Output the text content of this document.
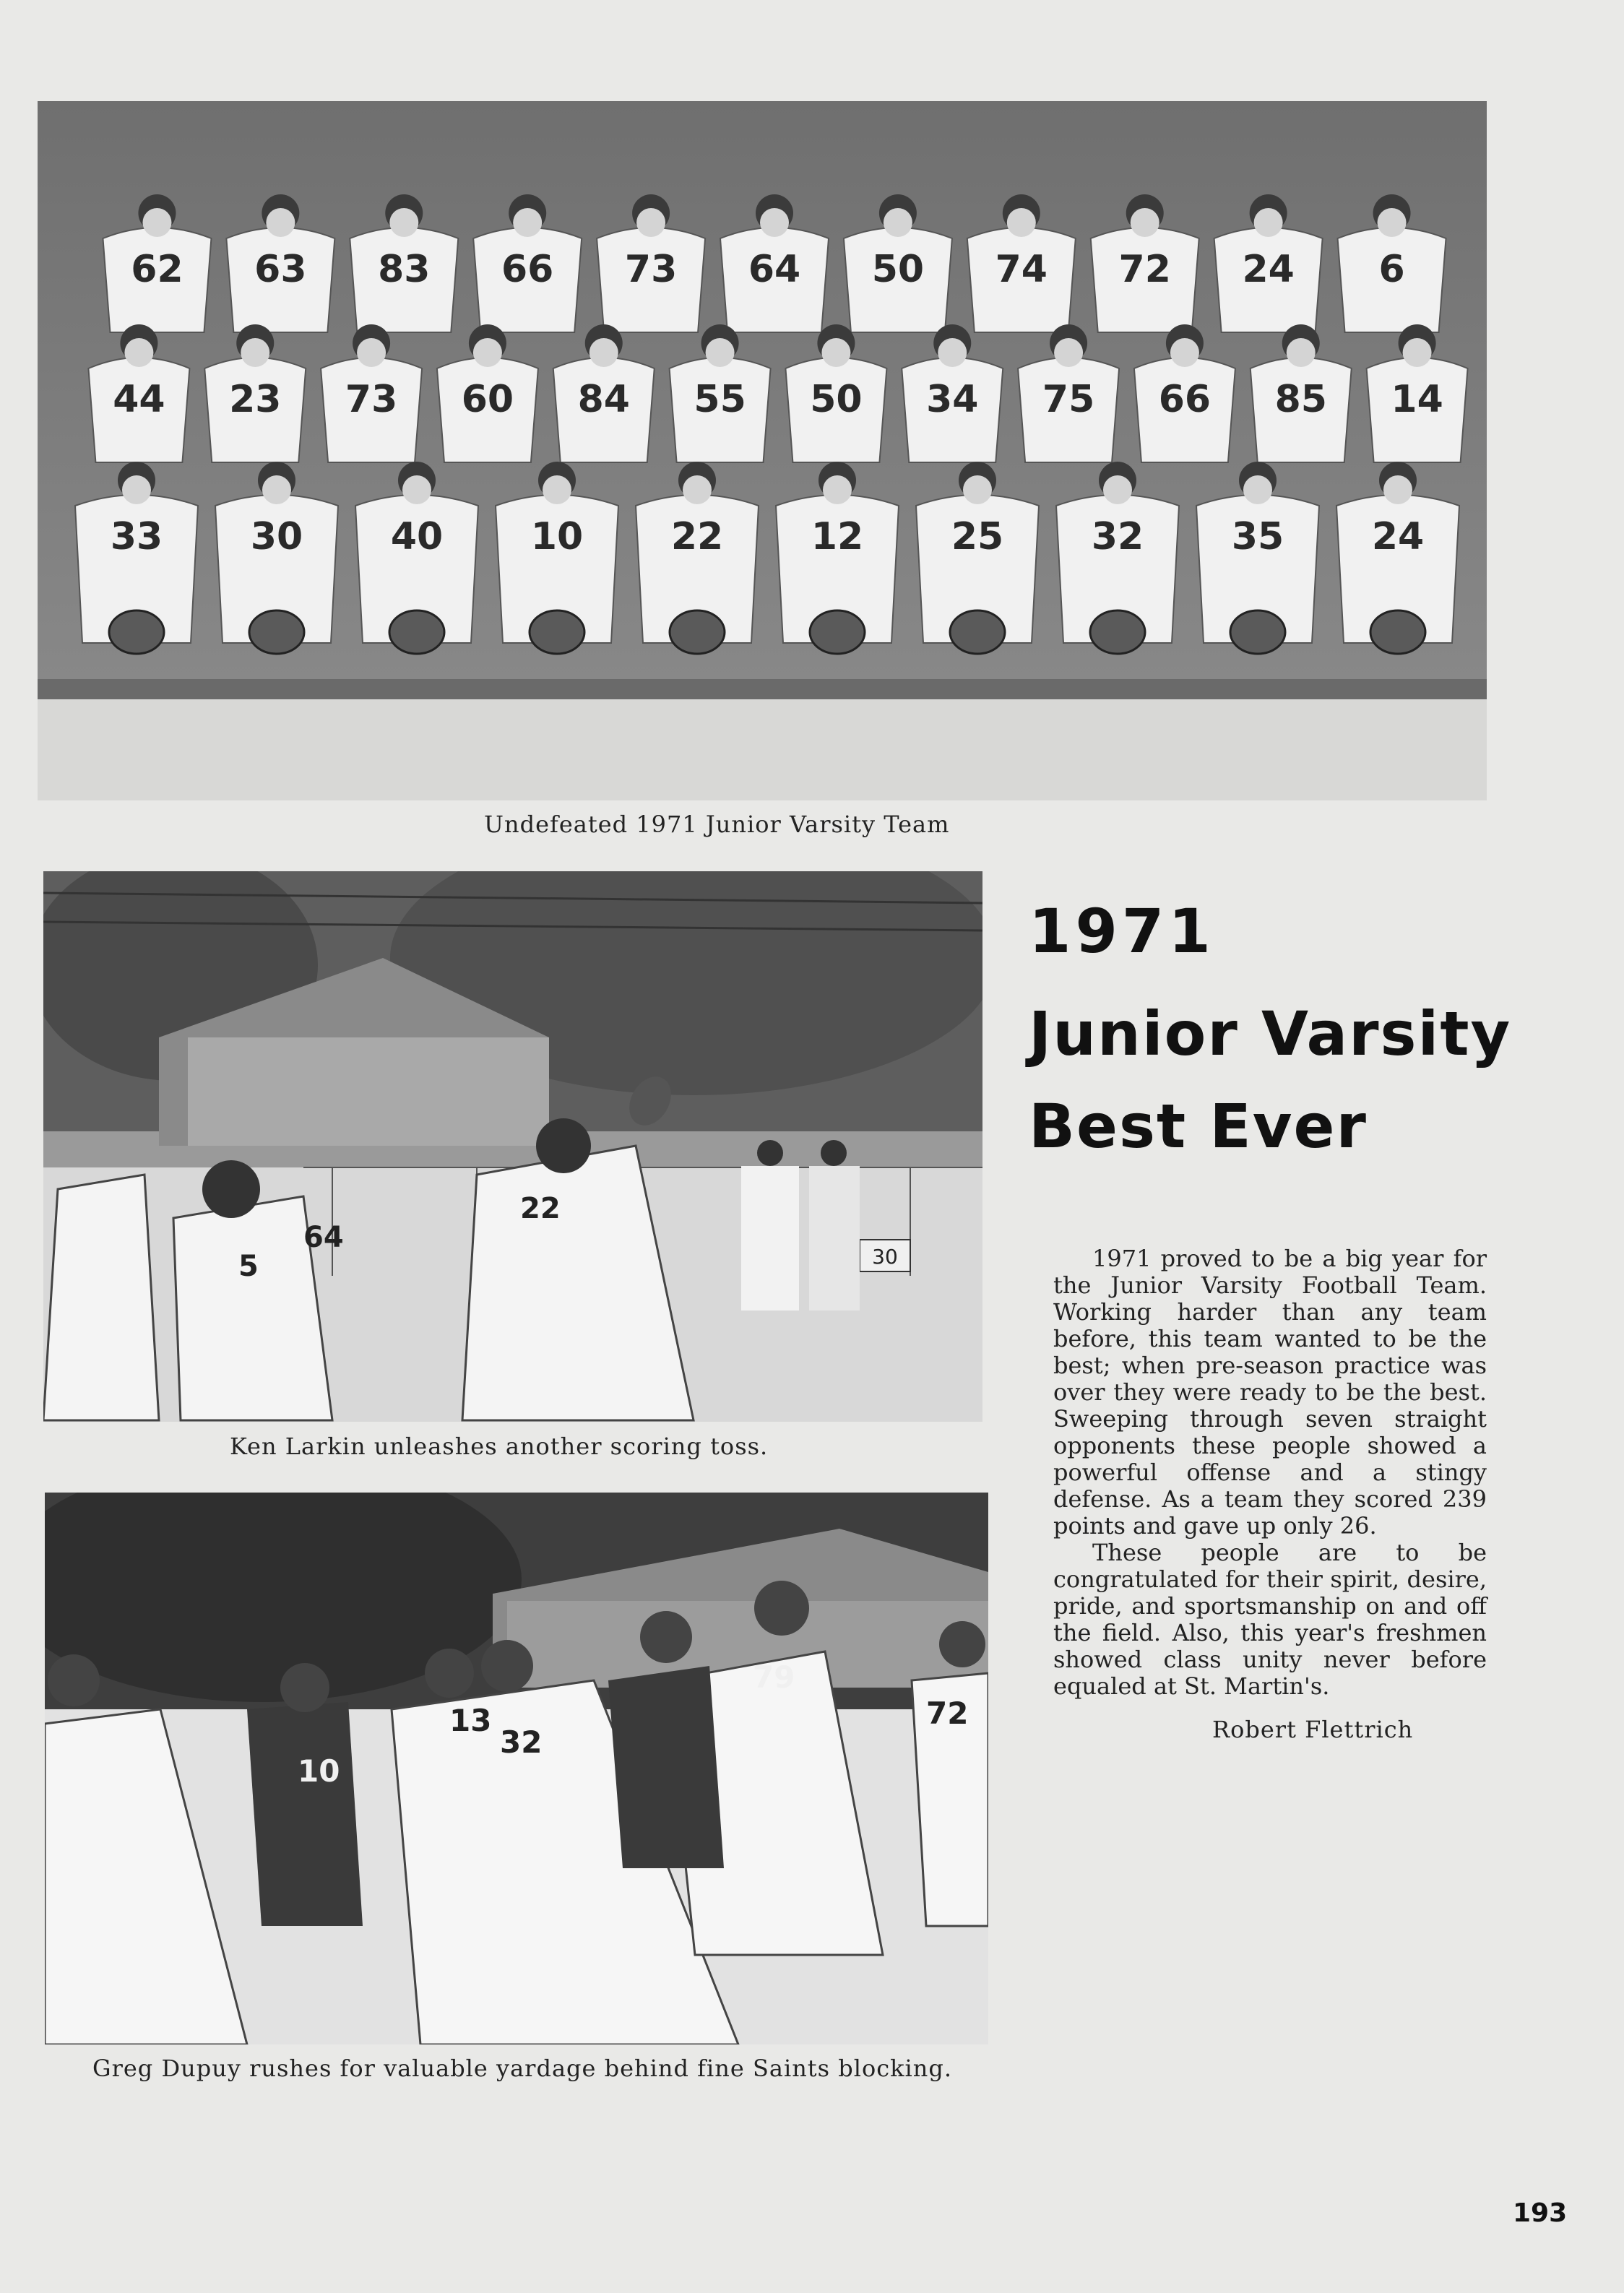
62 63 83 66 73 64 50 74 72 24 6
44 23 73 60 84 55 50 34 75 66 85 14
33 30 40 10 22 12 25 32 35 24
Undefeated 1971 Junior Varsity Team
30
5
64
22
Ken Larkin unleashes another scoring toss.
10
13
32
79
72
Greg Dupuy rushes for valuable yardage behind fine Saints blocking.
1971
Junior Varsity
Best Ever

1971 proved to be a big year for the Junior Varsity Football Team. Working harder than any team before, this team wanted to be the best; when pre-season practice was over they were ready to be the best. Sweeping through seven straight opponents these people showed a powerful offense and a stingy defense. As a team they scored 239 points and gave up only 26.

These people are to be congratulated for their spirit, desire, pride, and sportsmanship on and off the field. Also, this year's freshmen showed class unity never before equaled at St. Martin's.

Robert Flettrich
193
